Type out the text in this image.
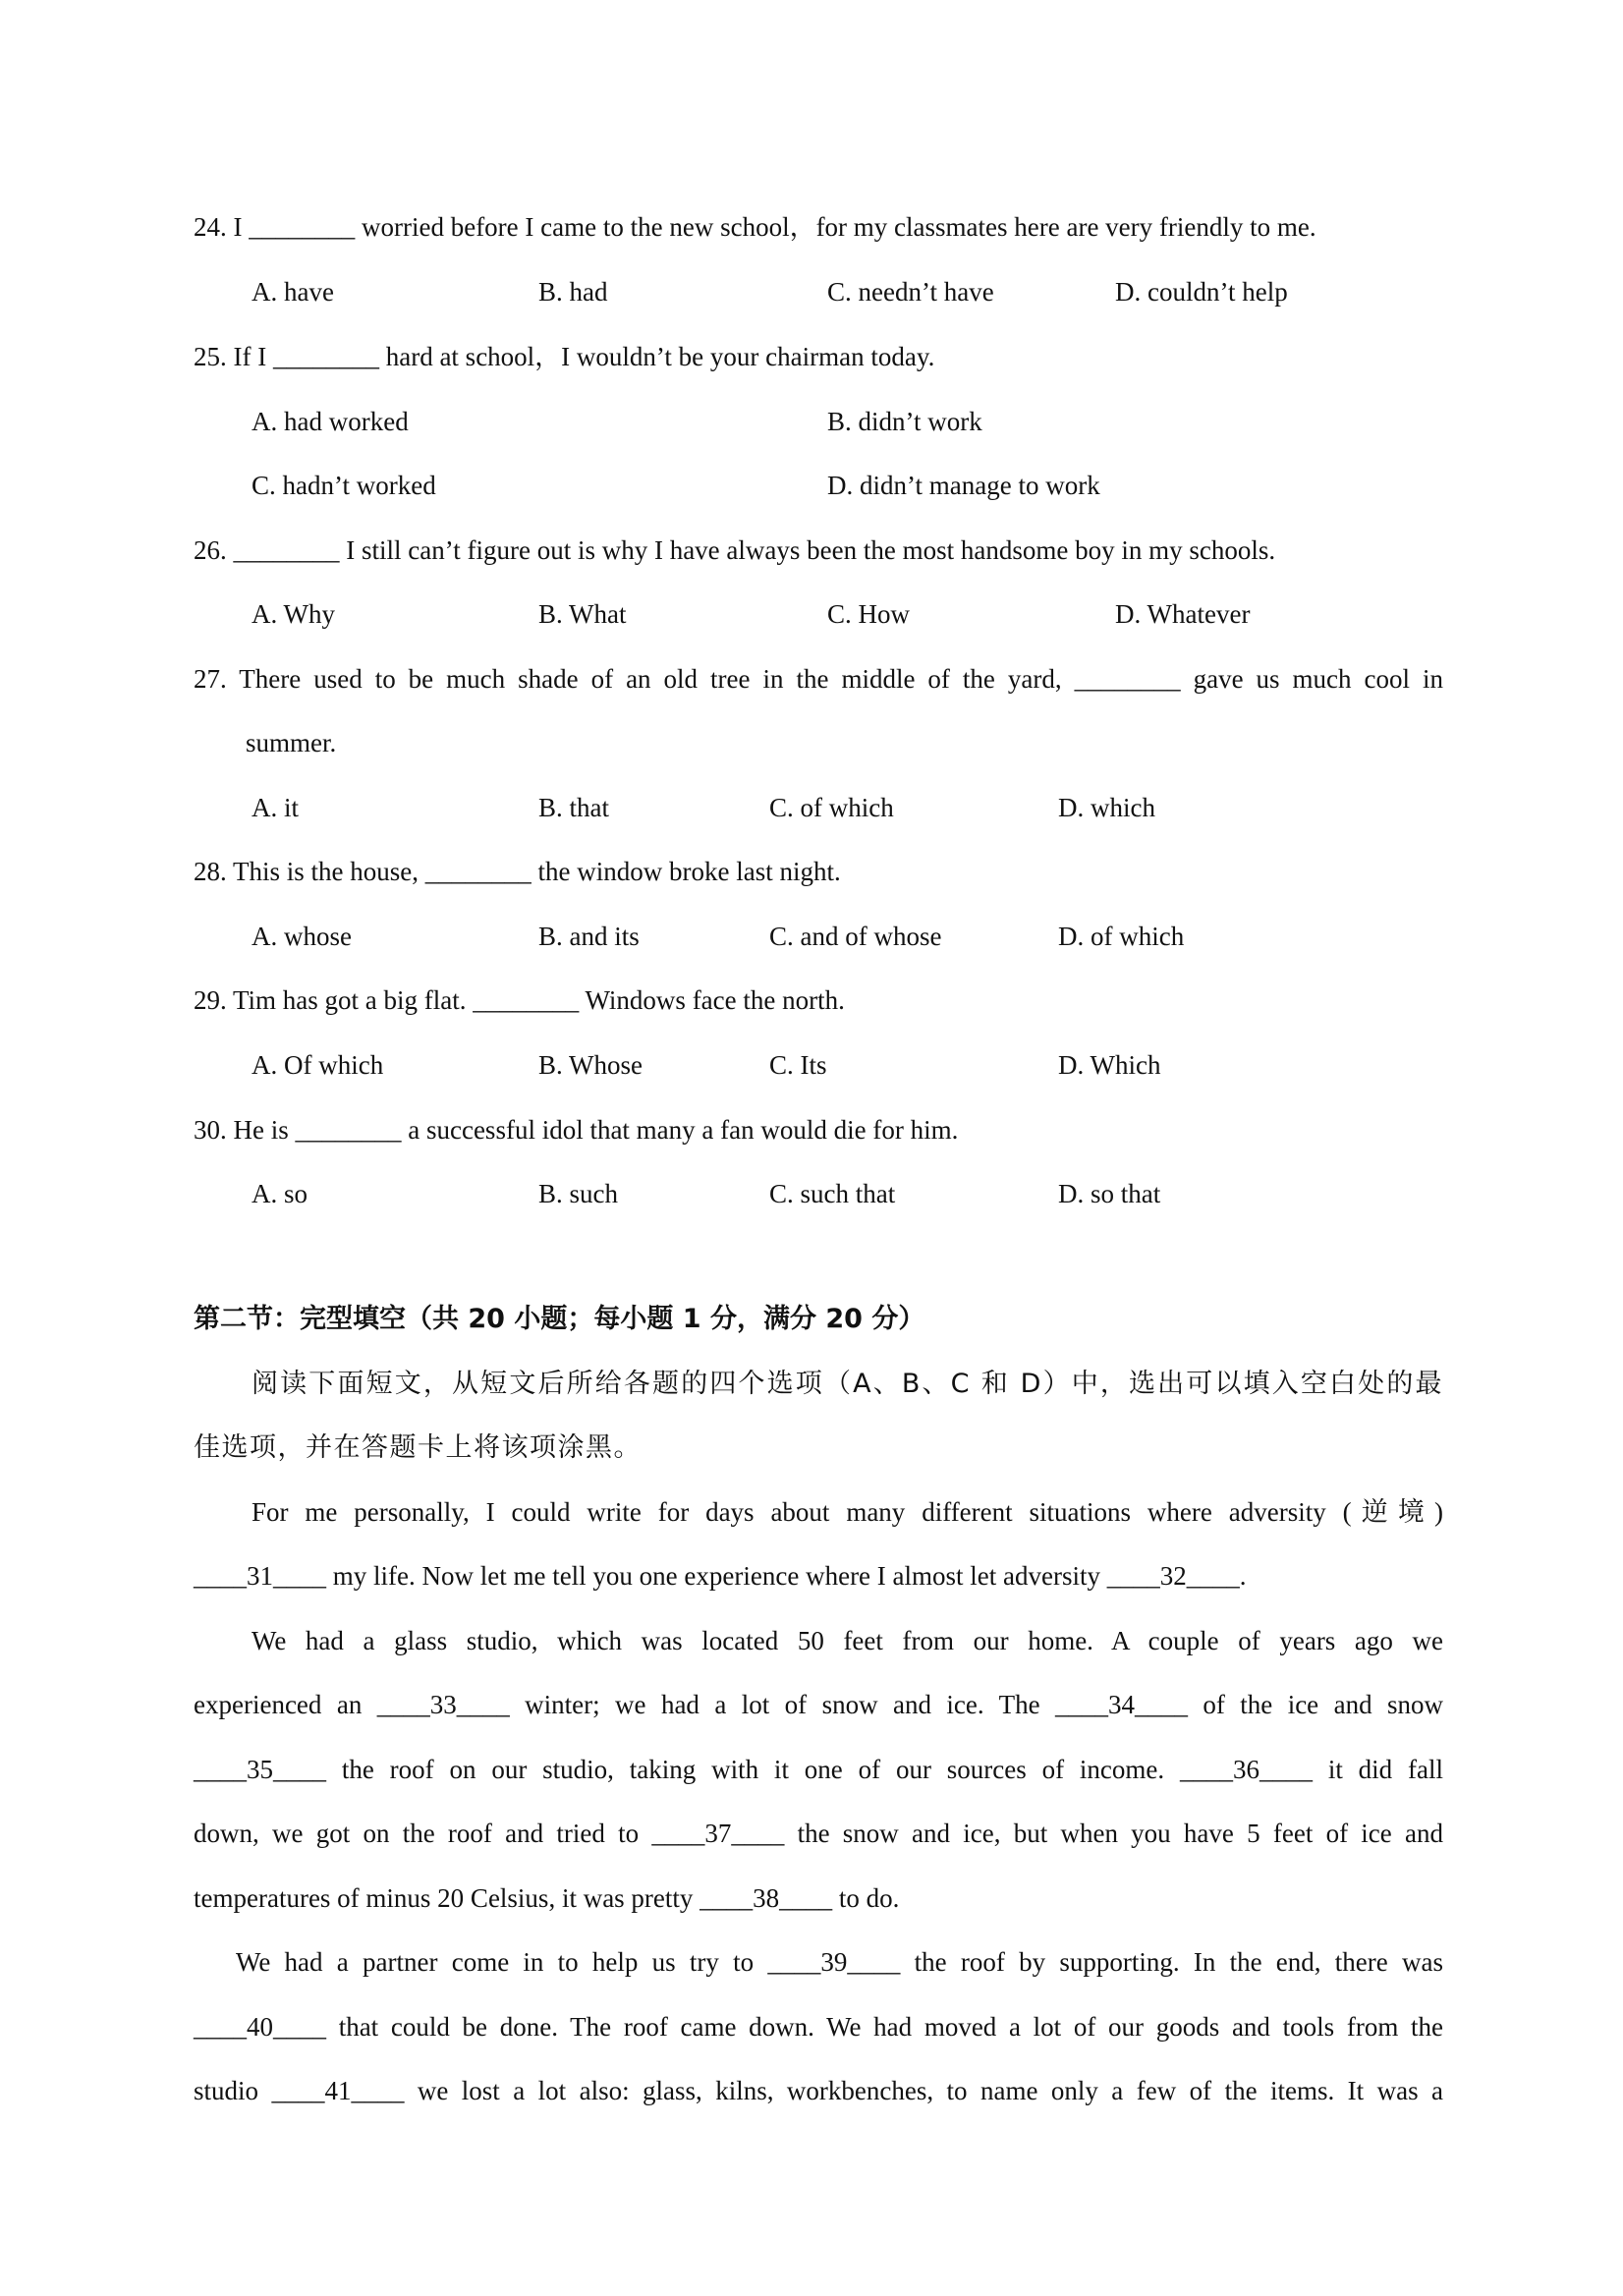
24. I ________ worried before I came to the new school，for my classmates here are very friendly to me.
A. have	B. had	C. needn’t have	D. couldn’t help
25. If I ________ hard at school，I wouldn’t be your chairman today.
A. had worked	B. didn’t work
C. hadn’t worked	D. didn’t manage to work
26. ________ I still can’t figure out is why I have always been the most handsome boy in my schools.
A. Why	B. What	C. How	D. Whatever
27. There used to be much shade of an old tree in the middle of the yard, ________ gave us much cool in
summer.
A. it	B. that	C. of which	D. which
28. This is the house, ________ the window broke last night.
A. whose	B. and its	C. and of whose	D. of which
29. Tim has got a big flat. ________ Windows face the north.
A. Of which	B. Whose	C. Its	D. Which
30. He is ________ a successful idol that many a fan would die for him.
A. so	B. such	C. such that	D. so that
第二节：完型填空（共 20 小题；每小题 1 分，满分 20 分）
阅读下面短文，从短文后所给各题的四个选项（A、B、C 和 D）中，选出可以填入空白处的最
佳选项，并在答题卡上将该项涂黑。
For me personally, I could write for days about many different situations where adversity (逆境)
____31____ my life. Now let me tell you one experience where I almost let adversity ____32____.
We had a glass studio, which was located 50 feet from our home. A couple of years ago we
experienced an ____33____ winter; we had a lot of snow and ice. The ____34____ of the ice and snow
____35____ the roof on our studio, taking with it one of our sources of income. ____36____ it did fall
down, we got on the roof and tried to ____37____ the snow and ice, but when you have 5 feet of ice and
temperatures of minus 20 Celsius, it was pretty ____38____ to do.
We had a partner come in to help us try to ____39____ the roof by supporting. In the end, there was
____40____ that could be done. The roof came down. We had moved a lot of our goods and tools from the
studio ____41____ we lost a lot also: glass, kilns, workbenches, to name only a few of the items. It was a
